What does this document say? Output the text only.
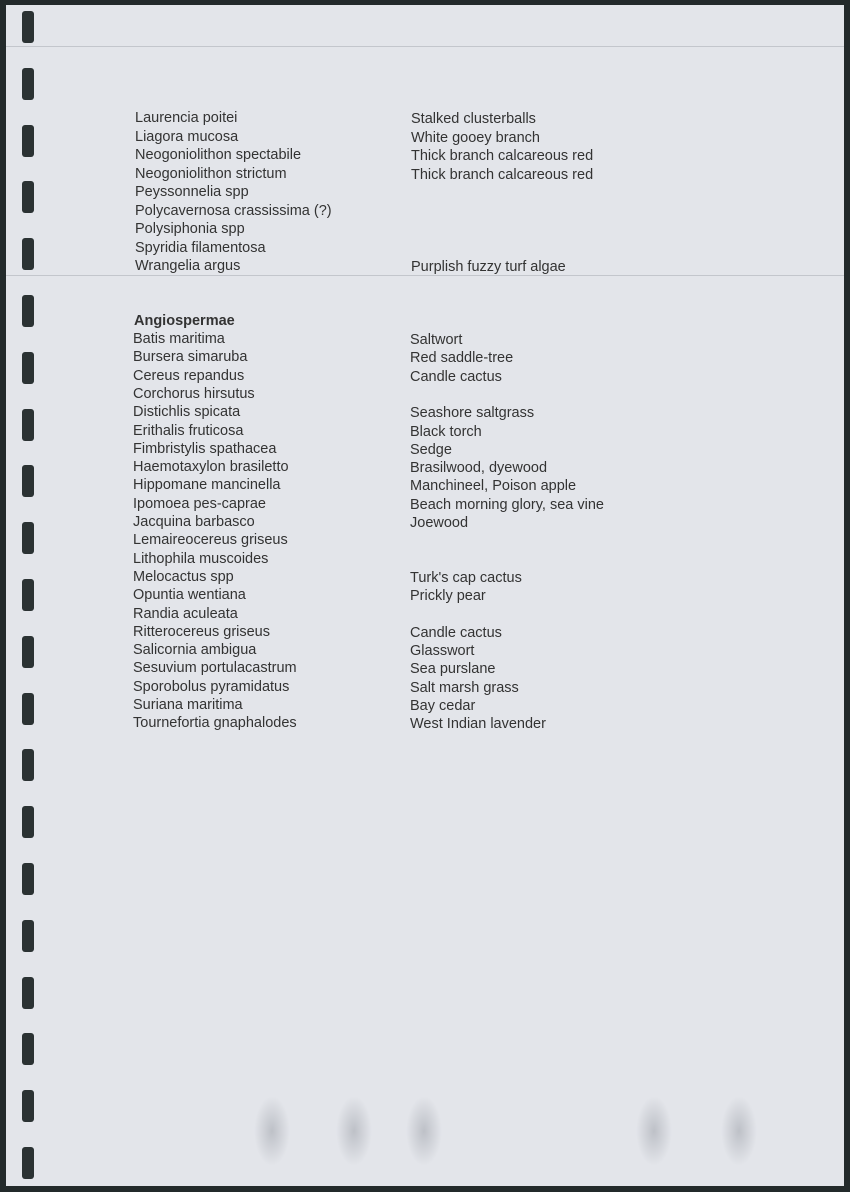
Laurencia poitei	Stalked clusterballs
Liagora mucosa	White gooey branch
Neogoniolithon spectabile	Thick branch calcareous red
Neogoniolithon strictum	Thick branch calcareous red
Peyssonnelia spp
Polycavernosa crassissima (?)
Polysiphonia spp
Spyridia filamentosa
Wrangelia argus	Purplish fuzzy turf algae
Angiospermae
Batis maritima	Saltwort
Bursera simaruba	Red saddle-tree
Cereus repandus	Candle cactus
Corchorus hirsutus
Distichlis spicata	Seashore saltgrass
Erithalis fruticosa	Black torch
Fimbristylis spathacea	Sedge
Haemotaxylon brasiletto	Brasilwood, dyewood
Hippomane mancinella	Manchineel, Poison apple
Ipomoea pes-caprae	Beach morning glory, sea vine
Jacquina barbasco	Joewood
Lemaireocereus griseus
Lithophila muscoides
Melocactus spp	Turk's cap cactus
Opuntia wentiana	Prickly pear
Randia aculeata
Ritterocereus griseus	Candle cactus
Salicornia ambigua	Glasswort
Sesuvium portulacastrum	Sea purslane
Sporobolus pyramidatus	Salt marsh grass
Suriana maritima	Bay cedar
Tournefortia gnaphalodes	West Indian lavender
